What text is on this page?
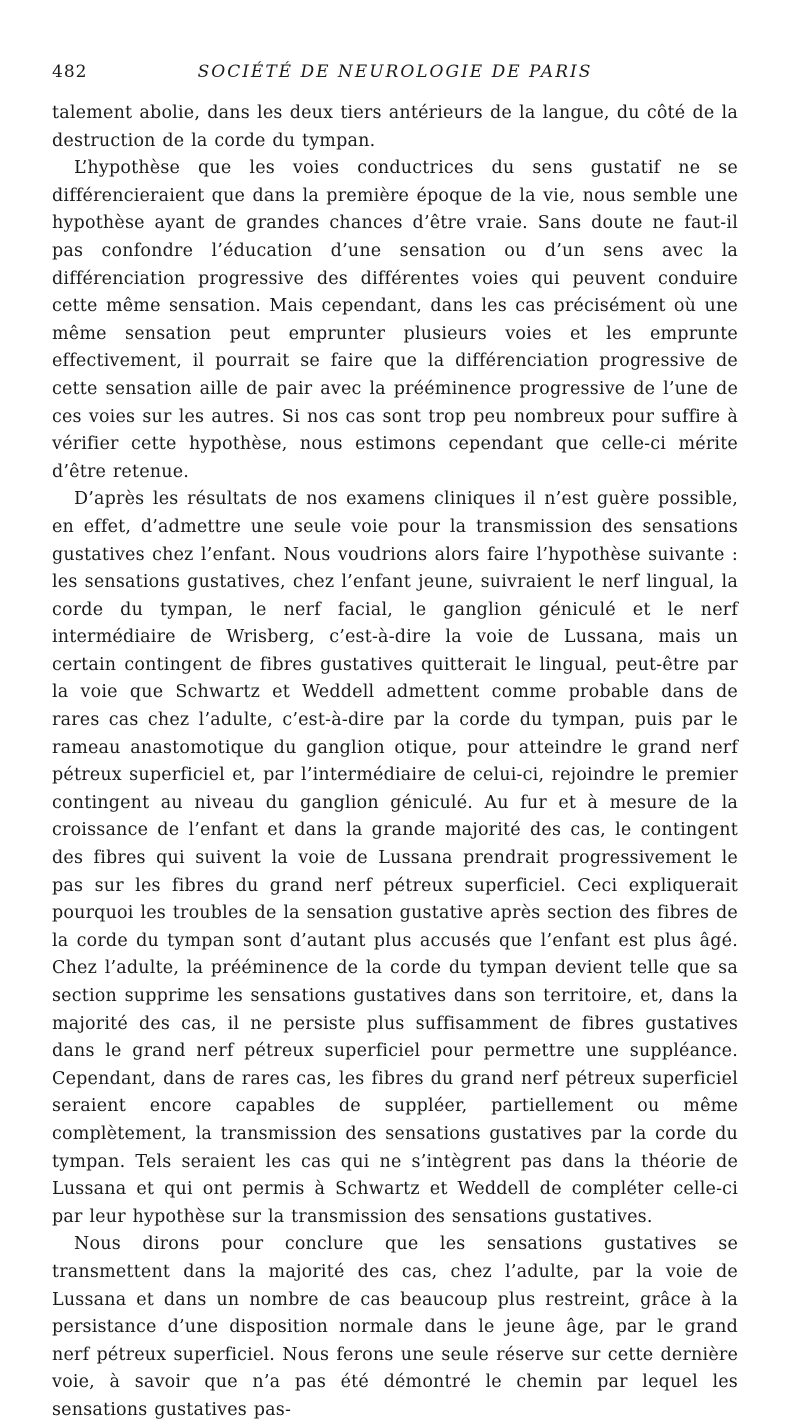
482	SOCIÉTÉ DE NEUROLOGIE DE PARIS

talement abolie, dans les deux tiers antérieurs de la langue, du côté de la destruction de la corde du tympan.

L’hypothèse que les voies conductrices du sens gustatif ne se différencieraient que dans la première époque de la vie, nous semble une hypothèse ayant de grandes chances d’être vraie. Sans doute ne faut-il pas confondre l’éducation d’une sensation ou d’un sens avec la différenciation progressive des différentes voies qui peuvent conduire cette même sensation. Mais cependant, dans les cas précisément où une même sensation peut emprunter plusieurs voies et les emprunte effectivement, il pourrait se faire que la différenciation progressive de cette sensation aille de pair avec la prééminence progressive de l’une de ces voies sur les autres. Si nos cas sont trop peu nombreux pour suffire à vérifier cette hypothèse, nous estimons cependant que celle-ci mérite d’être retenue.

D’après les résultats de nos examens cliniques il n’est guère possible, en effet, d’admettre une seule voie pour la transmission des sensations gustatives chez l’enfant. Nous voudrions alors faire l’hypothèse suivante : les sensations gustatives, chez l’enfant jeune, suivraient le nerf lingual, la corde du tympan, le nerf facial, le ganglion géniculé et le nerf intermédiaire de Wrisberg, c’est-à-dire la voie de Lussana, mais un certain contingent de fibres gustatives quitterait le lingual, peut-être par la voie que Schwartz et Weddell admettent comme probable dans de rares cas chez l’adulte, c’est-à-dire par la corde du tympan, puis par le rameau anastomotique du ganglion otique, pour atteindre le grand nerf pétreux superficiel et, par l’intermédiaire de celui-ci, rejoindre le premier contingent au niveau du ganglion géniculé. Au fur et à mesure de la croissance de l’enfant et dans la grande majorité des cas, le contingent des fibres qui suivent la voie de Lussana prendrait progressivement le pas sur les fibres du grand nerf pétreux superficiel. Ceci expliquerait pourquoi les troubles de la sensation gustative après section des fibres de la corde du tympan sont d’autant plus accusés que l’enfant est plus âgé. Chez l’adulte, la prééminence de la corde du tympan devient telle que sa section supprime les sensations gustatives dans son territoire, et, dans la majorité des cas, il ne persiste plus suffisamment de fibres gustatives dans le grand nerf pétreux superficiel pour permettre une suppléance. Cependant, dans de rares cas, les fibres du grand nerf pétreux superficiel seraient encore capables de suppléer, partiellement ou même complètement, la transmission des sensations gustatives par la corde du tympan. Tels seraient les cas qui ne s’intègrent pas dans la théorie de Lussana et qui ont permis à Schwartz et Weddell de compléter celle-ci par leur hypothèse sur la transmission des sensations gustatives.

Nous dirons pour conclure que les sensations gustatives se transmettent dans la majorité des cas, chez l’adulte, par la voie de Lussana et dans un nombre de cas beaucoup plus restreint, grâce à la persistance d’une disposition normale dans le jeune âge, par le grand nerf pétreux superficiel. Nous ferons une seule réserve sur cette dernière voie, à savoir que n’a pas été démontré le chemin par lequel les sensations gustatives pas-
